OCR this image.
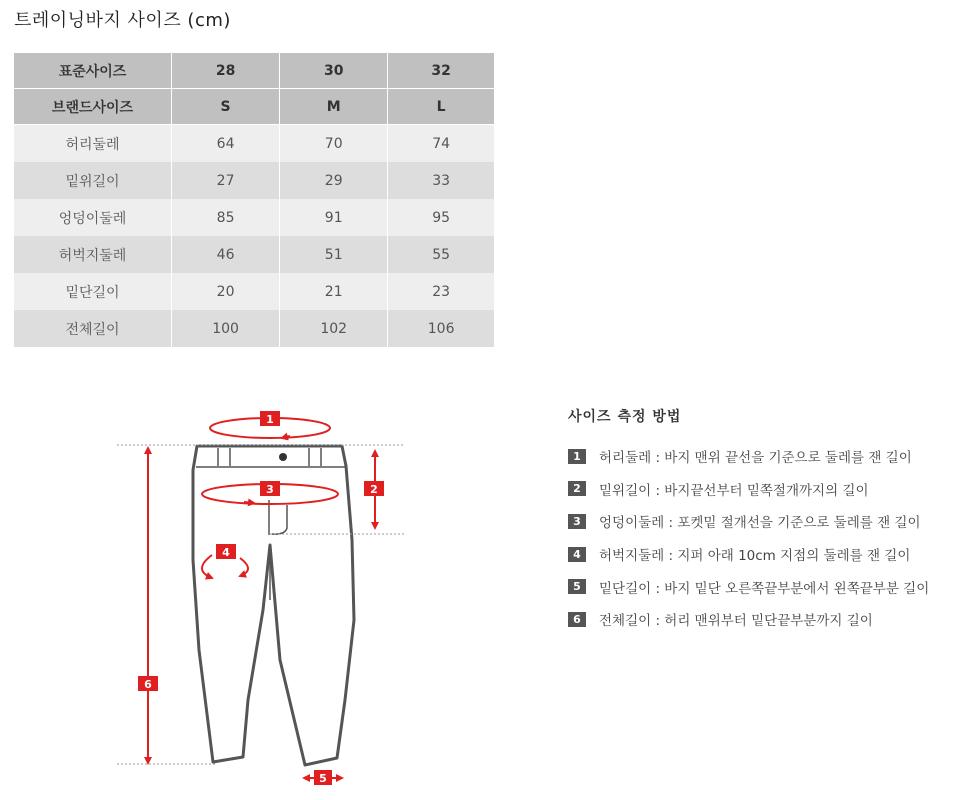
트레이닝바지 사이즈 (cm)
표준사이즈	28	30	32
브랜드사이즈	S	M	L
허리둘레	64	70	74
밑위길이	27	29	33
엉덩이둘레	85	91	95
허벅지둘레	46	51	55
밑단길이	20	21	23
전체길이	100	102	106
1
3	2
4
6
5
사이즈 측정 방법
1	허리둘레 : 바지 맨위 끝선을 기준으로 둘레를 잰 길이
2	밑위길이 : 바지끝선부터 밑쪽절개까지의 길이
3	엉덩이둘레 : 포켓밑 절개선을 기준으로 둘레를 잰 길이
4	허벅지둘레 : 지퍼 아래 10cm 지점의 둘레를 잰 길이
5	밑단길이 : 바지 밑단 오른쪽끝부분에서 왼쪽끝부분 길이
6	전체길이 : 허리 맨위부터 밑단끝부분까지 길이
